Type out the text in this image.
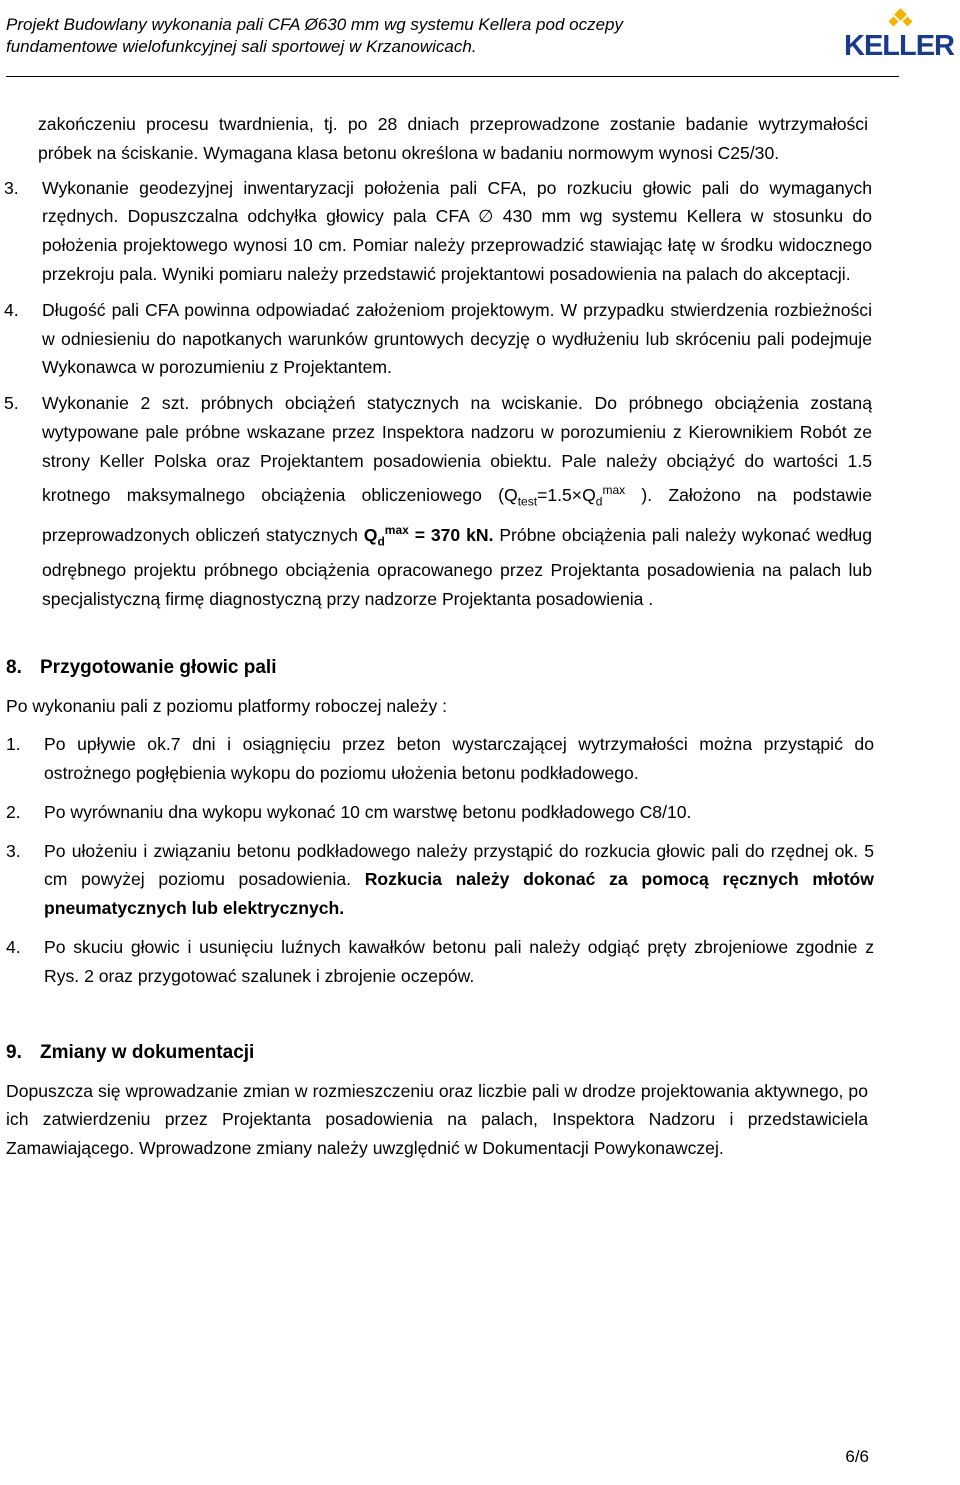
Projekt Budowlany wykonania pali CFA Ø630 mm wg systemu Kellera pod oczepy
fundamentowe wielofunkcyjnej sali sportowej w Krzanowicach.	KELLER

zakończeniu procesu twardnienia, tj. po 28 dniach przeprowadzone zostanie badanie wytrzymałości próbek na ściskanie. Wymagana klasa betonu określona w badaniu normowym wynosi C25/30.

3. Wykonanie geodezyjnej inwentaryzacji położenia pali CFA, po rozkuciu głowic pali do wymaganych rzędnych. Dopuszczalna odchyłka głowicy pala CFA ∅ 430 mm wg systemu Kellera w stosunku do położenia projektowego wynosi 10 cm. Pomiar należy przeprowadzić stawiając łatę w środku widocznego przekroju pala. Wyniki pomiaru należy przedstawić projektantowi posadowienia na palach do akceptacji.
4. Długość pali CFA powinna odpowiadać założeniom projektowym. W przypadku stwierdzenia rozbieżności w odniesieniu do napotkanych warunków gruntowych decyzję o wydłużeniu lub skróceniu pali podejmuje Wykonawca w porozumieniu z Projektantem.
5. Wykonanie 2 szt. próbnych obciążeń statycznych na wciskanie. Do próbnego obciążenia zostaną wytypowane pale próbne wskazane przez Inspektora nadzoru w porozumieniu z Kierownikiem Robót ze strony Keller Polska oraz Projektantem posadowienia obiektu. Pale należy obciążyć do wartości 1.5 krotnego maksymalnego obciążenia obliczeniowego ($Q_{test}=1.5\times Q_d^{max}$ ). Założono na podstawie przeprowadzonych obliczeń statycznych $Q_d^{max} = 370$ kN. Próbne obciążenia pali należy wykonać według odrębnego projektu próbnego obciążenia opracowanego przez Projektanta posadowienia na palach lub specjalistyczną firmę diagnostyczną przy nadzorze Projektanta posadowienia .
8. Przygotowanie głowic pali

Po wykonaniu pali z poziomu platformy roboczej należy :

1. Po upływie ok.7 dni i osiągnięciu przez beton wystarczającej wytrzymałości można przystąpić do ostrożnego pogłębienia wykopu do poziomu ułożenia betonu podkładowego.
2. Po wyrównaniu dna wykopu wykonać 10 cm warstwę betonu podkładowego C8/10.
3. Po ułożeniu i związaniu betonu podkładowego należy przystąpić do rozkucia głowic pali do rzędnej ok. 5 cm powyżej poziomu posadowienia. Rozkucia należy dokonać za pomocą ręcznych młotów pneumatycznych lub elektrycznych.
4. Po skuciu głowic i usunięciu luźnych kawałków betonu pali należy odgiąć pręty zbrojeniowe zgodnie z Rys. 2 oraz przygotować szalunek i zbrojenie oczepów.
9. Zmiany w dokumentacji

Dopuszcza się wprowadzanie zmian w rozmieszczeniu oraz liczbie pali w drodze projektowania aktywnego, po ich zatwierdzeniu przez Projektanta posadowienia na palach, Inspektora Nadzoru i przedstawiciela Zamawiającego. Wprowadzone zmiany należy uwzględnić w Dokumentacji Powykonawczej.

6/6
